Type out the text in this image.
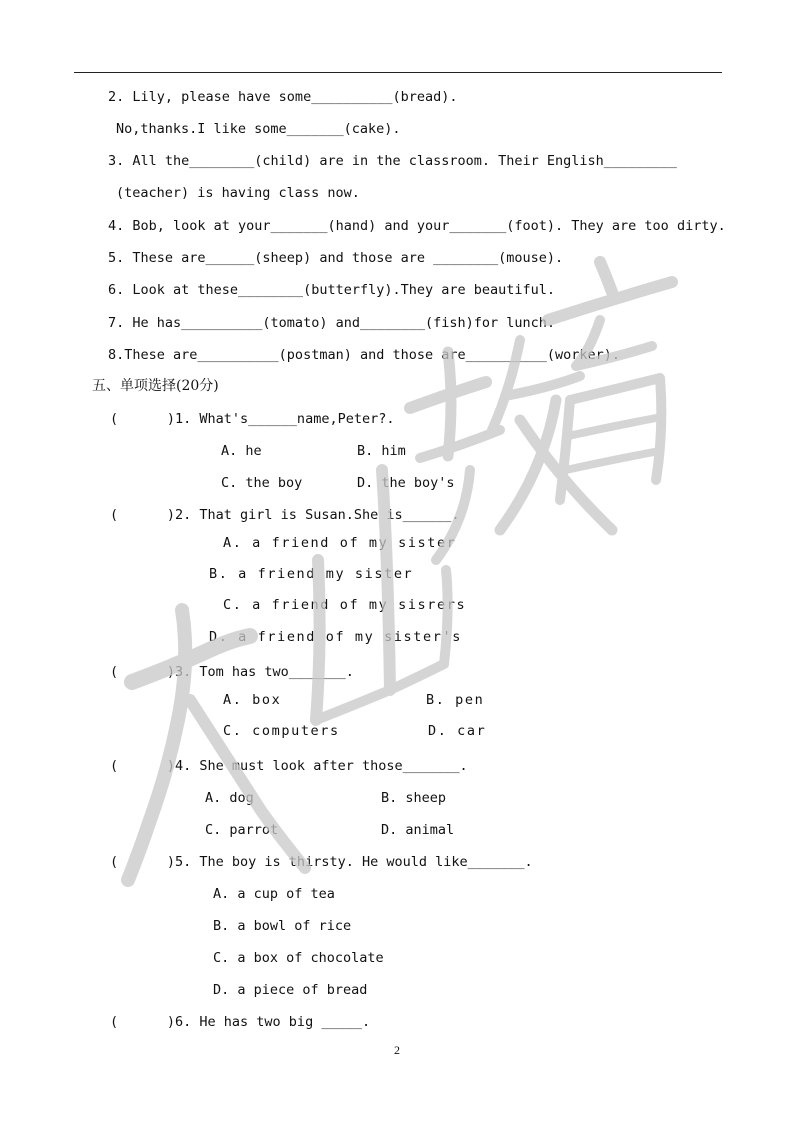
2. Lily, please have some__________(bread).
No,thanks.I like some_______(cake).
3. All the________(child) are in the classroom. Their English_________
(teacher) is having class now.
4. Bob, look at your_______(hand) and your_______(foot). They are too dirty.
5. These are______(sheep) and those are ________(mouse).
6. Look at these________(butterfly).They are beautiful.
7. He has__________(tomato) and________(fish)for lunch.
8.These are__________(postman) and those are__________(worker).
五、单项选择(20分)
(      )1. What's______name,Peter?.
A. he	B. him
C. the boy	D. the boy's
(      )2. That girl is Susan.She is______.
A. a friend of my sister
B. a friend my sister
C. a friend of my sisrers
D. a friend of my sister's
(      )3. Tom has two_______.
A. box	B. pen
C. computers	D. car
(      )4. She must look after those_______.
A. dog	B. sheep
C. parrot	D. animal
(      )5. The boy is thirsty. He would like_______.
A. a cup of tea
B. a bowl of rice
C. a box of chocolate
D. a piece of bread
(      )6. He has two big _____.
2
